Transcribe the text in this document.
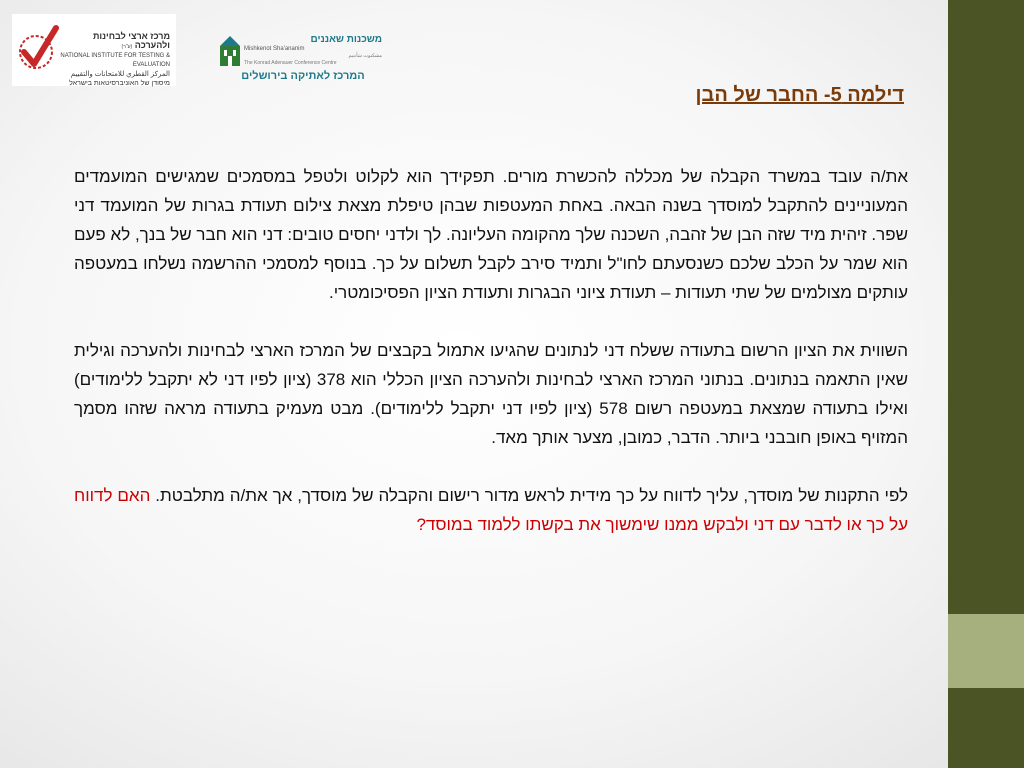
מרכז ארצי לבחינות ולהערכה (ע"ר)
NATIONAL INSTITUTE FOR TESTING & EVALUATION
المركز القطري للامتحانات والتقييم
מיסודן של האוניברסיטאות בישראל
משכנות שאננים
Mishkenot Sha'ananim
مشكنوت شأننيم
The Konrad Adenauer Conference Centre
המרכז לאתיקה בירושלים
דילמה 5- החבר של הבן

את/ה עובד במשרד הקבלה של מכללה להכשרת מורים. תפקידך הוא לקלוט ולטפל במסמכים שמגישים המועמדים המעוניינים להתקבל למוסדך בשנה הבאה. באחת המעטפות שבהן טיפלת מצאת צילום תעודת בגרות של המועמד דני שפר. זיהית מיד שזה הבן של זהבה, השכנה שלך מהקומה העליונה. לך ולדני יחסים טובים: דני הוא חבר של בנך, לא פעם הוא שמר על הכלב שלכם כשנסעתם לחו"ל ותמיד סירב לקבל תשלום על כך. בנוסף למסמכי ההרשמה נשלחו במעטפה עותקים מצולמים של שתי תעודות – תעודת ציוני הבגרות ותעודת הציון הפסיכומטרי.

השווית את הציון הרשום בתעודה ששלח דני לנתונים שהגיעו אתמול בקבצים של המרכז הארצי לבחינות ולהערכה וגילית שאין התאמה בנתונים. בנתוני המרכז הארצי לבחינות ולהערכה הציון הכללי הוא 378 (ציון לפיו דני לא יתקבל ללימודים) ואילו בתעודה שמצאת במעטפה רשום 578 (ציון לפיו דני יתקבל ללימודים). מבט מעמיק בתעודה מראה שזהו מסמך המזויף באופן חובבני ביותר. הדבר, כמובן, מצער אותך מאד.

לפי התקנות של מוסדך, עליך לדווח על כך מידית לראש מדור רישום והקבלה של מוסדך, אך את/ה מתלבטת. האם לדווח על כך או לדבר עם דני ולבקש ממנו שימשוך את בקשתו ללמוד במוסד?
